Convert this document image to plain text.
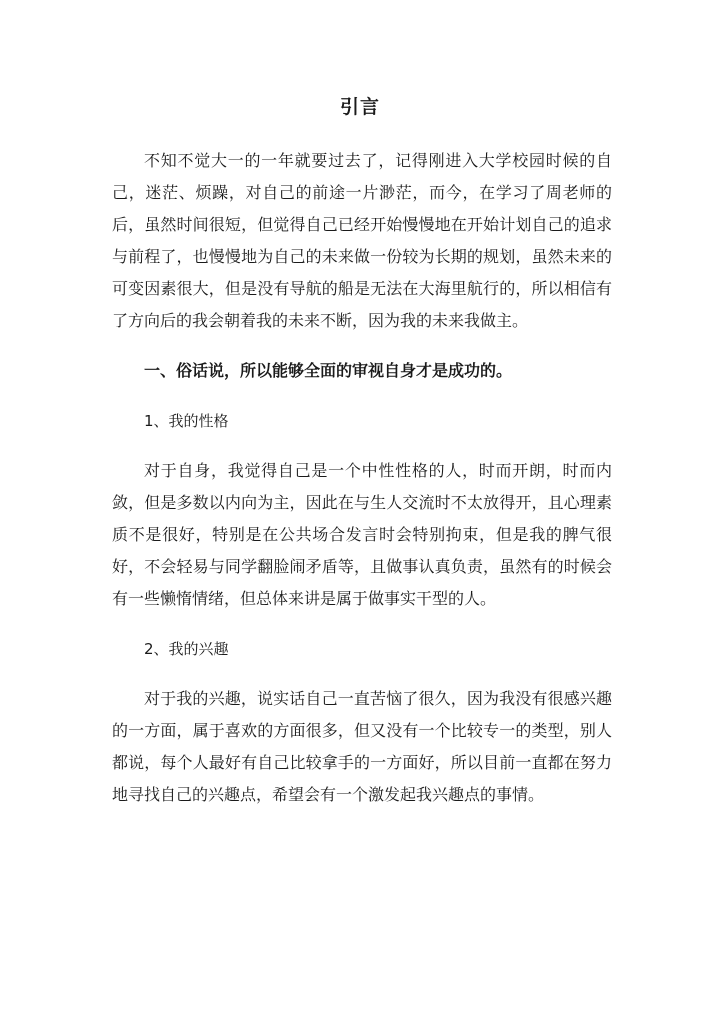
引言

不知不觉大一的一年就要过去了，记得刚进入大学校园时候的自己，迷茫、烦躁，对自己的前途一片渺茫，而今，在学习了周老师的后，虽然时间很短，但觉得自己已经开始慢慢地在开始计划自己的追求与前程了，也慢慢地为自己的未来做一份较为长期的规划，虽然未来的可变因素很大，但是没有导航的船是无法在大海里航行的，所以相信有了方向后的我会朝着我的未来不断，因为我的未来我做主。

一、俗话说，所以能够全面的审视自身才是成功的。

1、我的性格

对于自身，我觉得自己是一个中性性格的人，时而开朗，时而内敛，但是多数以内向为主，因此在与生人交流时不太放得开，且心理素质不是很好，特别是在公共场合发言时会特别拘束，但是我的脾气很好，不会轻易与同学翻脸闹矛盾等，且做事认真负责，虽然有的时候会有一些懒惰情绪，但总体来讲是属于做事实干型的人。

2、我的兴趣

对于我的兴趣，说实话自己一直苦恼了很久，因为我没有很感兴趣的一方面，属于喜欢的方面很多，但又没有一个比较专一的类型，别人都说，每个人最好有自己比较拿手的一方面好，所以目前一直都在努力地寻找自己的兴趣点，希望会有一个激发起我兴趣点的事情。
